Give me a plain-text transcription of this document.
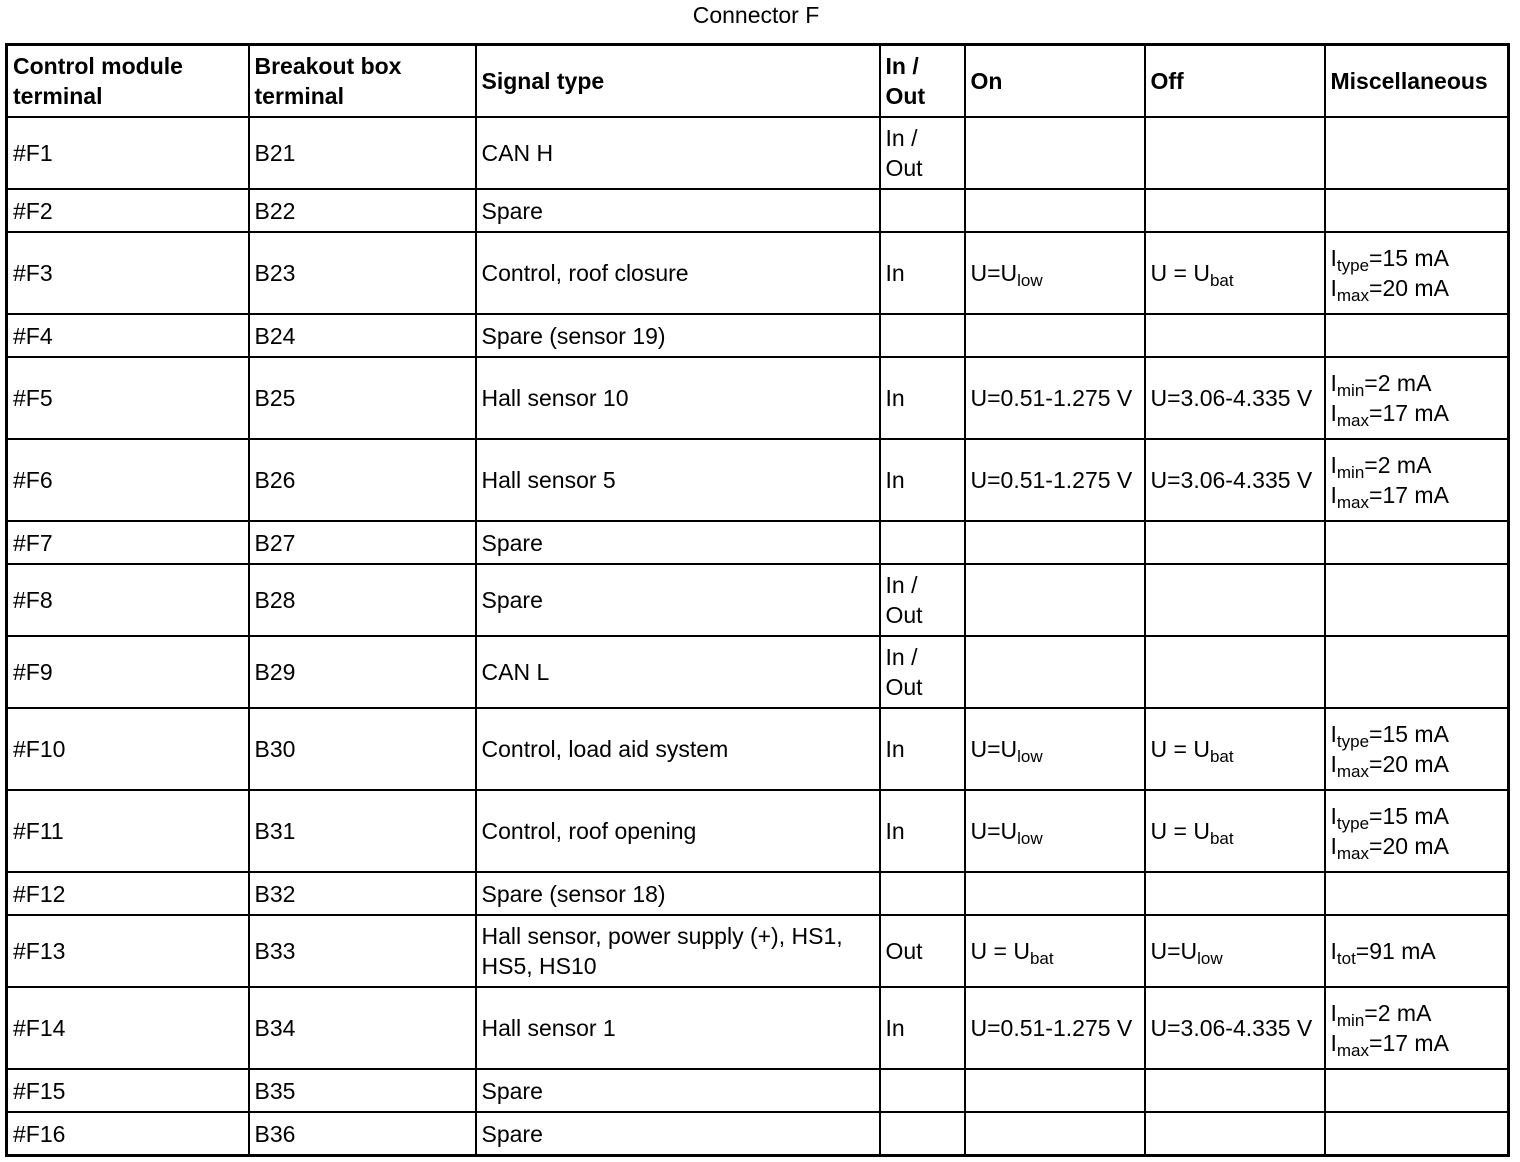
Connector F
Control module terminal	Breakout box terminal	Signal type	In / Out	On	Off	Miscellaneous
#F1	B21	CAN H	In / Out			
#F2	B22	Spare				
#F3	B23	Control, roof closure	In	$U=U_{low}$	$U = U_{bat}$	$I_{type}=15$ mA
$I_{max}=20$ mA

#F4	B24	Spare (sensor 19)				
#F5	B25	Hall sensor 10	In	U=0.51-1.275 V	U=3.06-4.335 V	$I_{min}=2$ mA
$I_{max}=17$ mA

#F6	B26	Hall sensor 5	In	U=0.51-1.275 V	U=3.06-4.335 V	$I_{min}=2$ mA
$I_{max}=17$ mA

#F7	B27	Spare				
#F8	B28	Spare	In / Out			
#F9	B29	CAN L	In / Out			
#F10	B30	Control, load aid system	In	$U=U_{low}$	$U = U_{bat}$	$I_{type}=15$ mA
$I_{max}=20$ mA

#F11	B31	Control, roof opening	In	$U=U_{low}$	$U = U_{bat}$	$I_{type}=15$ mA
$I_{max}=20$ mA

#F12	B32	Spare (sensor 18)				
#F13	B33	Hall sensor, power supply (+), HS1, HS5, HS10	Out	$U = U_{bat}$	$U=U_{low}$	$I_{tot}=91$ mA

#F14	B34	Hall sensor 1	In	U=0.51-1.275 V	U=3.06-4.335 V	$I_{min}=2$ mA
$I_{max}=17$ mA

#F15	B35	Spare				
#F16	B36	Spare				
